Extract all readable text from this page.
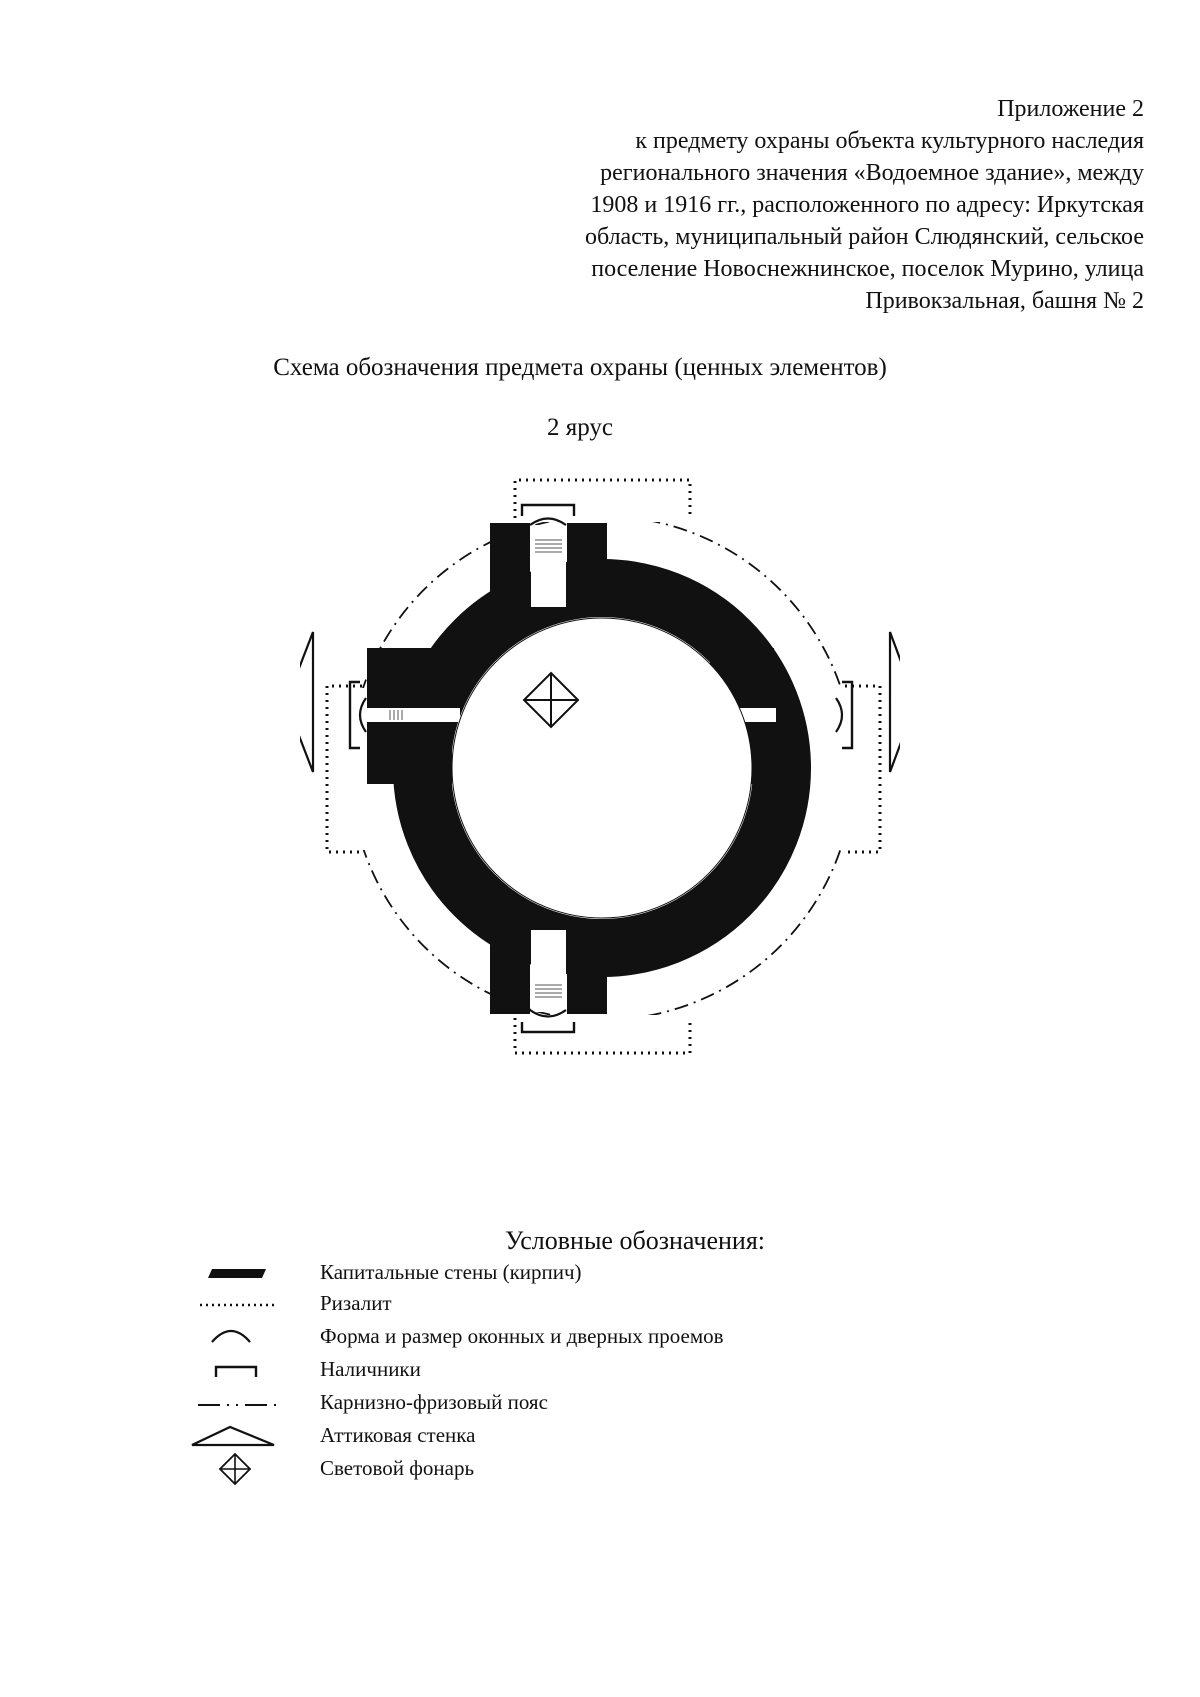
Приложение 2
к предмету охраны объекта культурного наследия
регионального значения «Водоемное здание», между
1908 и 1916 гг., расположенного по адресу: Иркутская
область, муниципальный район Слюдянский, сельское
поселение Новоснежнинское, поселок Мурино, улица
Привокзальная, башня № 2
Схема обозначения предмета охраны (ценных элементов)
2 ярус
Условные обозначения:
Капитальные стены (кирпич)
Ризалит
Форма и размер оконных и дверных проемов
Наличники
Карнизно-фризовый пояс
Аттиковая стенка
Световой фонарь
